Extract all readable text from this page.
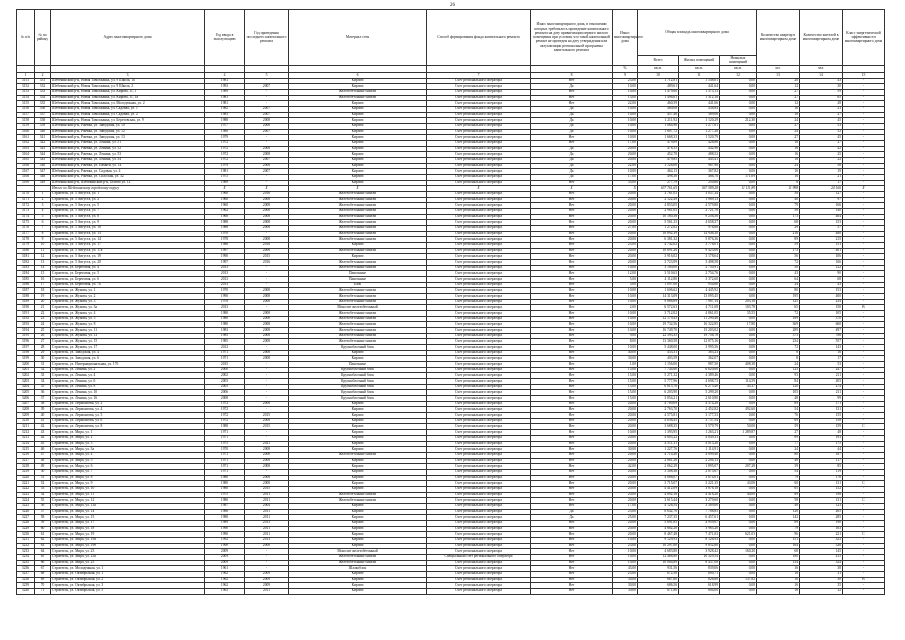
26
№ п/п	№ по району	Адрес многоквартирного дома	Год ввода в эксплуатацию	Год проведения последнего капитального ремонта	Материал стен	Способ формирования фонда капитального ремонта	Износ многоквартирного дома, в отношении которых требовалось проведение капитального ремонта на дату приватизации первого жилого помещения при условии, что такой капитальный ремонт не проведен на дату утверждения или актуализации региональной программы капитального ремонта	Износ многоквартирного дома	Общая площадь многоквартирного дома			Количество квартир в многоквартирном доме	Количество жителей в многоквартирном доме	Класс энергетической эффективности многоквартирного дома
									Всего	Жилых помещений	Нежилых помещений			
								%	кв.м.	кв.м.	кв.м.	шт.	чел.	
1	2	3	4	5	6	7	8	9	10	11	12	13	14	15
3151	331	Шебекинский р-н, Новая Таволжанка, ул. 9 Школа, 1а	1981	-	Кирпич	Счет регионального оператора	Нет	25,00	1 712,81	1 548,61	0,00	20	43	-
3152	332	Шебекинский р-н, Новая Таволжанка, ул. 9 Школа, 2	1993	2007	Кирпич	Счет регионального оператора	Да	10,00	489,61	441,64	0,00	12	30	-
3153	333	Шебекинский р-н, Новая Таволжанка, ул. Кирова, 11, 1	1989	-	Железобетонные панели	Счет регионального оператора	Нет	10,00	1 479,60	1 373,13	0,00	27	59	-
3154	334	Шебекинский р-н, Новая Таволжанка, ул. Кирова, 11, 1а	1981	-	Железобетонные панели	Счет регионального оператора	Нет	13,00	1 496,61	1 312,16	0,00	27	65	-
3155	335	Шебекинский р-н, Новая Таволжанка, ул. Молодежная, ул. 2	1981	-	Кирпич	Счет регионального оператора	Нет	22,00	460,59	441,66	0,00	12	28	-
3156	336	Шебекинский р-н, Новая Таволжанка, ул. Садовая, ул. 1	1982	2007	Кирпич	Счет регионального оператора	Да	10,00	460,08	438,84	0,00	16	21	-
3157	337	Шебекинский р-н, Новая Таволжанка, ул. Садовая, ул. 2	1983	2007	Кирпич	Счет регионального оператора	Да	10,00	457,46	389,06	0,00	16	27	-
3158	338	Шебекинский р-н, Новая Таволжанка, ул. Березовская, ул. 9	1988	2008	Кирпич	Счет регионального оператора	Да	10,00	1 211,92	1 120,29	212,30	24	45	-
3159	339	Шебекинский р-н, Ржевка, ул. Заводская, ул. 10	1977	2008	Кирпич	Счет регионального оператора	Да	10,00	1 084,96	1 277,61	0,00	27	53	-
3160	340	Шебекинский р-н, Ржевка, ул. Заводская, ул. 12	1980	2007	Кирпич	Счет регионального оператора	Да	10,00	1 607,72	1 277,28	0,00	24	52	-
3161	341	Шебекинский р-н, Ржевка, ул. Заводская, ул. 13	1979	-	Кирпич	Счет регионального оператора	Нет	10,00	1 668,33	1 520,79	0,00	27	45	-
3162	342	Шебекинский р-н, Ржевка, ул. Ленина, ул. 51	1972	-	Кирпич	Счет регионального оператора	Нет	17,00	479,89	428,86	0,00	16	27	-
3163	343	Шебекинский р-н, Ржевка, ул. Ленина, ул. 52	1972	2008	Кирпич	Счет регионального оператора	Да	20,00	476,35	442,96	0,00	16	42	-
3164	344	Шебекинский р-н, Ржевка, ул. Ленина, ул. 53	1972	2008	Кирпич	Счет регионального оператора	Да	20,00	452,78	488,52	0,00	16	25	-
3165	345	Шебекинский р-н, Ржевка, ул. Ленина, ул. 54	1972	2007	Кирпич	Счет регионального оператора	Да	20,00	479,85	445,41	0,00	16	22	-
3166	346	Шебекинский р-н, Ржевка, ул. Памяти, ул. 14	1979	2008	Кирпич	Счет регионального оператора	Да	22,00	1 126,00	967,96	0,00	24	56	-
3167	347	Шебекинский р-н, Ржевка, ул. Садовая, ул. 4	1981	2007	Кирпич	Счет регионального оператора	Да	10,00	464,13	367,82	0,00	16	19	-
3168	348	Шебекинский р-н, Ржевка, ул. Спасская, ул. 32	1975	-	Кирпич	Счет регионального оператора	Да	17,00	498,36	466,70	171,09	16	21	-
3169	349	Шебекинский р-н, Шебекинский р-н, Белово ул. 12	1989	-	Кирпич	Счет регионального оператора	Нет	35,00	277,79	250,60	0,00	8	17	-
		Итого по Шебекинскому городскому округу	Х	Х	Х	Х	Х	Х	637 761,65	567 589,28	11 111,89	11 998	24 166	Х
3170	1	Строитель, ул. 5 Августа, ул. 1	1960	2016	Железобетонные панели	Счет регионального оператора	Нет	20,00	3 761,03	3 037,34	0,00	58	127	-
3171	2	Строитель, ул. 5 Августа, ул. 2	1960	2008	Железобетонные панели	Счет регионального оператора	Нет	20,00	2 122,49	1 969,13	0,00	40	97	-
3172	3	Строитель, ул. 5 Августа, ул. 5	1960	2008	Железобетонные панели	Счет регионального оператора	Нет	20,00	4 853,05	4 579,80	0,00	79	166	-
3173	4	Строитель, ул. 5 Августа, ул. 7	1962	2008	Железобетонные панели	Счет регионального оператора	Нет	20,00	2 961,05	2 721,78	0,00	58	140	-
3174	5	Строитель, ул. 5 Августа, ул. 8	1968	2008	Железобетонные панели	Счет регионального оператора	Нет	20,00	10 180,36	9 256,56	0,00	173	404	-
3175	6	Строитель, ул. 5 Августа, ул. 9	1988	2008	Железобетонные панели	Счет регионального оператора	Нет	20,00	5 561,33	4 658,37	0,00	68	153	-
3176	7	Строитель, ул. 5 Августа, ул. 10	1988	2008	Железобетонные панели	Счет регионального оператора	Нет	27,00	1 272,62	976,68	0,00	29	57	-
3177	8	Строитель, ул. 5 Августа, ул. 13	1970	-	Железобетонные панели	Счет регионального оператора	Нет	20,00	16 892,39	14 946,30	0,00	216	480	-
3178	9	Строитель, ул. 5 Августа, ул. 14	1978	2008	Железобетонные панели	Счет регионального оператора	Нет	20,00	6 381,32	5 876,36	0,00	89	215	-
3179	10	Строитель, ул. 5 Августа, ул. 17	1986	2016	Кирпич	Счет регионального оператора	Нет	25,00	4 742,62	3 776,01	0,00	59	151	-
3180	11	Строитель, ул. 5 Августа, ул. 17а	1997	2008	Железобетонные панели	Счет регионального оператора	Нет	20,00	10 691,20	9 423,06	0,00	173	401	-
3181	12	Строитель, ул. 5 Августа, ул. 19	1990	2015	Кирпич	Счет регионального оператора	Нет	20,00	3 916,02	3 178,64	0,00	56	106	-
3182	13	Строитель, ул. 5 Августа, ул. 20	1997	2016	Железобетонные панели	Счет регионального оператора	Нет	20,00	3 723,99	3 498,58	0,00	72	166	-
3183	14	Строитель, ул. Береговая, ул. 4	2013	-	Железобетонные панели	Счет регионального оператора	Нет	10,00	3 100,00	2 750,91	0,00	50	122	-
3184	15	Строитель, ул. Береговая, ул. 5	2013	-	Панельные	Счет регионального оператора	Нет	12,00	3 510,63	2 754,76	0,00	43	90	-
3185	16	Строитель, ул. Береговая, ул. 6	2013	-	Панельные	Счет регионального оператора	Нет	5,00	4 112,80	3 372,60	0,00	64	68	-
3186	17	Строитель, ул. Береговая, ул. 7а	2013	-	Блок	Счет регионального оператора	Нет	5,00	1 097,00	954,60	0,00	24	43	-
3187	18	Строитель, ул. Жукова, ул. 1	1970	2008	Железобетонные панели	Счет регионального оператора	Нет	10,00	1 606,62	4 445,92	0,00	80	153	-
3188	19	Строитель, ул. Жукова, ул. 2	1990	2008	Железобетонные панели	Счет регионального оператора	Нет	10,00	14 313,09	13 095,45	0,00	195	400	-
3189	20	Строитель, ул. Жукова, ул. 3	1978	2008	Железобетонные панели	Счет регионального оператора	Нет	10,00	9 886,69	7 987,14	203,18	125	234	-
3190	21	Строитель, ул. Жукова, ул. 3а	2013	-	Монолит железобетонный	Счет регионального оператора	Нет	2,00	6 572,63	4 711,08	103,78	65	150	В
3191	22	Строитель, ул. Жукова, ул. 4	1980	2008	Железобетонные панели	Счет регионального оператора	Нет	10,00	3 712,02	4 861,05	35,55	72	105	-
3192	23	Строитель, ул. Жукова, ул. 5	1980	2008	Железобетонные панели	Счет регионального оператора	Нет	10,00	12 179,45	11 290,46	0,00	189	370	-
3193	24	Строитель, ул. Жукова, ул. 8	1980	2008	Железобетонные панели	Счет регионального оператора	Нет	10,00	19 732,56	16 322,85	17,80	369	660	-
3194	25	Строитель, ул. Жукова, ул. 11	1983	2008	Железобетонные панели	Счет регионального оператора	Нет	10,00	16 749,70	15 203,02	0,00	289	497	-
3195	26	Строитель, ул. Жукова, ул. 13	1985	2008	Железобетонные панели	Счет регионального оператора	Нет	9,00	22 393,35	19 756,76	0,00	373	786	-
3196	27	Строитель, ул. Жукова, ул. 15	1985	2008	Железобетонные панели	Счет регионального оператора	Нет	8,00	13 360,58	12 075,16	0,00	234	557	-
3197	28	Строитель, ул. Жукова, ул. 17	2012	-	Крупноблочный блок	Счет регионального оператора	Нет	10,00	5 448,00	3 995,56	0,00	72	143	-
3198	29	Строитель, ул. Заводская, ул. 4	1971	2008	Кирпич	Счет регионального оператора	Нет	40,00	433,31	385,23	0,00	8	16	-
3199	30	Строитель, ул. Заводская, ул. 6	1971	2008	Кирпич	Счет регионального оператора	Нет	30,00	403,59	362,07	0,00	8	17	-
3200	31	Строитель, ул. Интернациональная, ул. 17б	2015	-	Панельные	Счет регионального оператора	Нет	1,00	1 156,00	987,50	408,38	24	53	-
3201	32	Строитель, ул. Ленина, ул. 2	2000	-	Крупноблочный блок	Счет регионального оператора	Нет	15,00	7 744,60	6 620,60	0,00	125	247	-
3202	33	Строитель, ул. Ленина, ул. 4	2002	-	Крупноблочный блок	Счет регионального оператора	Нет	15,00	5 271,32	4 389,46	0,00	93	211	-
3203	34	Строитель, ул. Ленина, ул. 6	2003	-	Крупноблочный блок	Счет регионального оператора	Нет	15,00	5 777,96	4 698,73	114,59	84	205	-
3204	35	Строитель, ул. Ленина, ул. 8	2005	-	Крупноблочный блок	Счет регионального оператора	Нет	15,00	6 815,70	6 275,40	45,37	120	274	-
3205	36	Строитель, ул. Ленина, ул. 10	2006	-	Крупноблочный блок	Счет регионального оператора	Нет	15,00	6 203,90	5 299,20	0,00	105	211	-
3206	37	Строитель, ул. Ленина, ул. 16	2008	-	Крупноблочный блок	Счет регионального оператора	Нет	15,00	3 054,21	2 610,80	0,00	48	99	-
3207	38	Строитель, ул. Лермонтова, ул. 2	1972	2008	Кирпич	Счет регионального оператора	Нет	20,00	4 700,69	4 374,28	0,00	89	171	-
3208	39	Строитель, ул. Лермонтова, ул. 4	1972	-	Кирпич	Счет регионального оператора	Нет	20,00	2 763,70	2 452,82	492,60	54	131	-
3209	40	Строитель, ул. Лермонтова, ул. 5	1972	2015	Кирпич	Счет регионального оператора	Нет	20,00	4 575,81	3 177,53	0,00	76	155	-
3210	41	Строитель, ул. Лермонтова, ул. 6	1972	2008	Кирпич	Счет регионального оператора	Нет	20,00	4 636,45	3 737,54	0,00	69	158	-
3211	42	Строитель, ул. Лермонтова, ул. 8	1988	2015	Кирпич	Счет регионального оператора	Нет	20,00	3 688,35	3 579,79	50,00	59	159	С
3212	43	Строитель, ул. Мира, ул. 1	1971	-	Кирпич	Счет регионального оператора	Нет	10,00	1 393,95	1 263,21	1 289,87	27	48	-
3213	44	Строитель, ул. Мира, ул. 2	1971	-	Кирпич	Счет регионального оператора	Нет	20,00	4 605,22	4 049,33	0,00	89	193	-
3214	45	Строитель, ул. Мира, ул. 3	1975	2021	Кирпич	Счет регионального оператора	Нет	20,00	4 511,31	4 013,20	0,00	77	175	-
3215	46	Строитель, ул. Мира, ул. 3а	1970	2008	Кирпич	Счет регионального оператора	Нет	30,00	1 227,76	1 114,91	0,00	24	44	-
3216	47	Строитель, ул. Мира, ул. 4	1971	2008	Железобетонные панели	Счет регионального оператора	Нет	20,00	4 714,40	4 099,40	0,00	80	187	-
3217	48	Строитель, ул. Мира, ул. 5	1971	2008	Кирпич	Счет регионального оператора	Нет	20,00	2 681,28	2 204,13	0,00	48	117	-
3218	49	Строитель, ул. Мира, ул. 6	1971	2008	Кирпич	Счет регионального оператора	Нет	42,00	2 062,29	1 895,07	207,28	39	85	-
3219	50	Строитель, ул. Мира, ул. 7	1971	-	Кирпич	Счет регионального оператора	Нет	20,00	3 308,36	2 875,67	0,00	54	119	-
3220	51	Строитель, ул. Мира, ул. 8	1980	2008	Кирпич	Счет регионального оператора	Нет	20,00	4 066,07	3 674,01	0,00	79	176	-
3221	52	Строитель, ул. Мира, ул. 9	1980	2008	Кирпич	Счет регионального оператора	Нет	20,00	3 715,07	3 221,35	43,00	60	131	С
3222	53	Строитель, ул. Мира, ул. 10	1980	2015	Кирпич	Счет регионального оператора	Нет	20,00	4 412,09	3 876,18	0,00	65	152	-
3223	54	Строитель, ул. Мира, ул. 11	1975	2011	Железобетонные панели	Счет регионального оператора	Нет	20,00	4 692,16	4 418,20	40,00	89	198	-
3224	55	Строитель, ул. Мира, ул. 12	1980	2011	Железобетонные панели	Счет регионального оператора	Нет	20,00	3 615,44	3 279,60	0,00	58	131	С
3225	56	Строитель, ул. Мира, ул. 13а	1987	2004	Кирпич	Счет регионального оператора	Нет	17,00	4 126,54	3 569,60	0,00	48	123	-
3226	57	Строитель, ул. Мира, ул. 14	1986	2011	Кирпич	Счет регионального оператора	Да	25,00	8 642,76	7 708,85	0,00	120	265	-
3227	58	Строитель, ул. Мира, ул. 15	1988	2011	Кирпич	Счет регионального оператора	Да	25,00	7 237,35	6 457,61	0,00	142	285	-
3228	59	Строитель, ул. Мира, ул. 17	1989	2013	Кирпич	Счет регионального оператора	Нет	20,00	5 691,85	4 959,67	0,00	89	190	-
3229	60	Строитель, ул. Мира, ул. 18	1990	2011	Кирпич	Счет регионального оператора	Нет	20,00	4 682,20	3 965,20	0,00	79	163	-
3230	61	Строитель, ул. Мира, ул. 19	1990	2011	Кирпич	Счет регионального оператора	Нет	20,00	8 467,48	7 471,03	621,03	96	221	С
3231	62	Строитель, ул. Мира, ул. 19а	1992	2013	Кирпич	Счет регионального оператора	Нет	10,00	9 129,93	8 126,93	0,00	151	323	-
3232	63	Строитель, ул. Мира, ул. 19б	1990	2008	Кирпич	Счет регионального оператора	Нет	23,00	10 297,00	9 852,60	0,00	164	326	-
3233	64	Строитель, ул. Мира, ул. 23	2009	-	Монолит железобетонный	Счет регионального оператора	Нет	10,00	4 683,80	3 928,42	160,20	68	145	-
3234	65	Строитель, ул. Мира, ул. 23а	2009	-	Железобетонные панели	Специальный счет регионального оператора	Нет	10,00	12 468,80	10 329,54	0,00	180	415	-
3235	66	Строитель, ул. Мира, ул. 25	2009	-	Железобетонные панели	Счет регионального оператора	Нет	10,00	10 004,89	8 437,08	0,00	154	324	-
3236	67	Строитель, ул. Молодежная, ул. 1	1961	-	Шлакоблок	Счет регионального оператора	Нет	43,00	931,56	839,06	0,00	16	38	-
3237	68	Строитель, ул. Октябрьская, ул. 1	1962	2009	Кирпич	Счет регионального оператора	Нет	25,00	672,56	600,71	0,00	16	31	-
3238	69	Строитель, ул. Октябрьская, ул. 2	1962	2009	Кирпич	Счет регионального оператора	Нет	30,00	687,60	626,80	137,82	16	30	В
3239	70	Строитель, ул. Октябрьская, ул. 3	1962	2009	Кирпич	Счет регионального оператора	Нет	30,00	686,56	618,99	0,00	16	35	-
3240	71	Строитель, ул. Октябрьская, ул. 5	1963	2011	Кирпич	Счет регионального оператора	Нет	30,00	671,80	604,00	0,00	16	32	-
